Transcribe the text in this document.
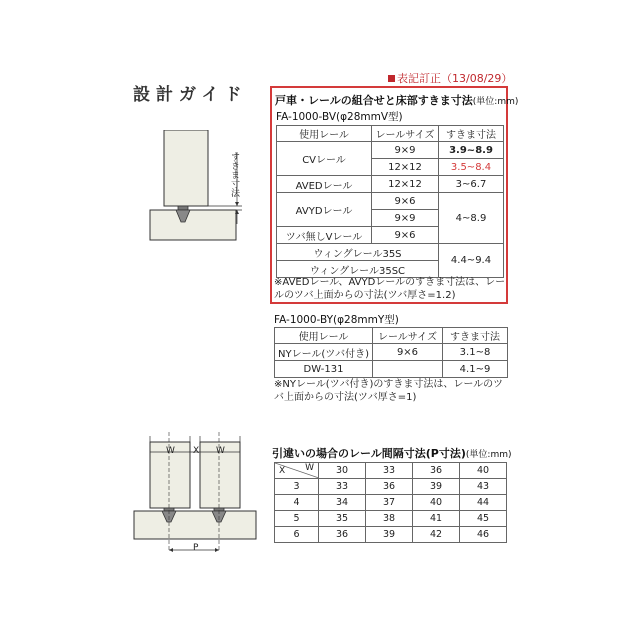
設計ガイド
表記訂正（13/08/29）
すきま寸法
戸車・レールの組合せと床部すきま寸法(単位:mm)
FA-1000-BV(φ28mmV型)
使用レール	レールサイズ	すきま寸法
CVレール	9×9	3.9~8.9
	12×12	3.5~8.4
AVEDレール	12×12	3~6.7
AVYDレール	9×6	4~8.9
	9×9	
ツバ無しVレール	9×6	
ウィングレール35S		4.4~9.4
ウィングレール35SC		
※AVEDレール、AVYDレールのすきま寸法は、レールのツバ上面からの寸法(ツバ厚さ=1.2)
FA-1000-BY(φ28mmY型)
使用レール	レールサイズ	すきま寸法
NYレール(ツバ付き)	9×6	3.1~8
DW-131		4.1~9
※NYレール(ツバ付き)のすきま寸法は、レールのツバ上面からの寸法(ツバ厚さ=1)
W X W
P
引違いの場合のレール間隔寸法(P寸法)(単位:mm)
X W	30	33	36	40
3	33	36	39	43
4	34	37	40	44
5	35	38	41	45
6	36	39	42	46
